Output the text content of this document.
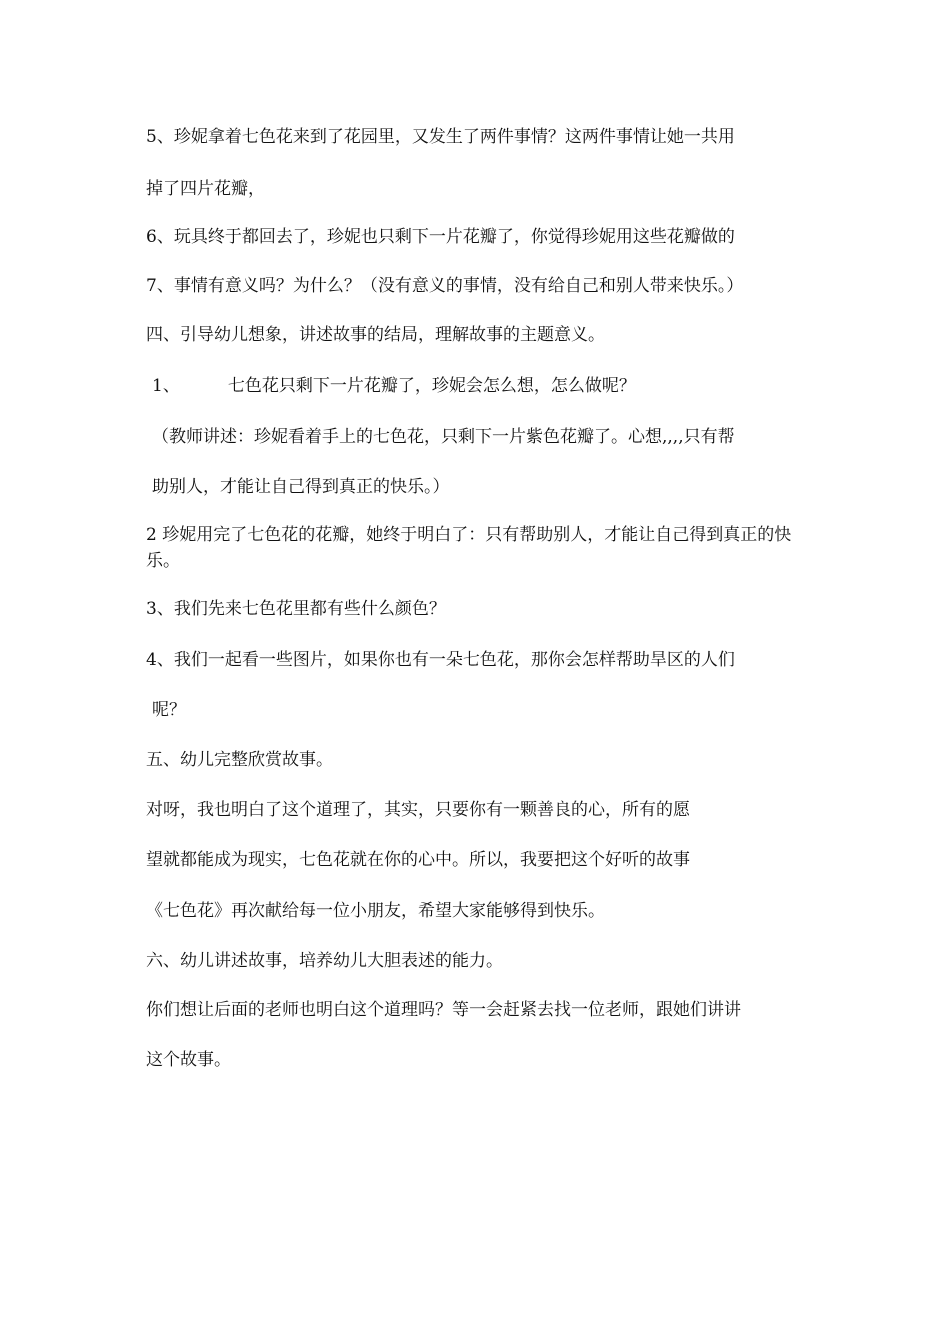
5、珍妮拿着七色花来到了花园里，又发生了两件事情？这两件事情让她一共用
掉了四片花瓣，
6、玩具终于都回去了，珍妮也只剩下一片花瓣了，你觉得珍妮用这些花瓣做的
7、事情有意义吗？为什么？（没有意义的事情，没有给自己和别人带来快乐。）
四、引导幼儿想象，讲述故事的结局，理解故事的主题意义。
1、	七色花只剩下一片花瓣了，珍妮会怎么想，怎么做呢？
（教师讲述：珍妮看着手上的七色花，只剩下一片紫色花瓣了。心想,,,,只有帮
助别人，才能让自己得到真正的快乐。）
2 珍妮用完了七色花的花瓣，她终于明白了：只有帮助别人，才能让自己得到真正的快乐。
3、我们先来七色花里都有些什么颜色？
4、我们一起看一些图片，如果你也有一朵七色花，那你会怎样帮助旱区的人们
呢？
五、幼儿完整欣赏故事。
对呀，我也明白了这个道理了，其实，只要你有一颗善良的心，所有的愿
望就都能成为现实，七色花就在你的心中。所以，我要把这个好听的故事
《七色花》再次献给每一位小朋友，希望大家能够得到快乐。
六、幼儿讲述故事，培养幼儿大胆表述的能力。
你们想让后面的老师也明白这个道理吗？等一会赶紧去找一位老师，跟她们讲讲
这个故事。
